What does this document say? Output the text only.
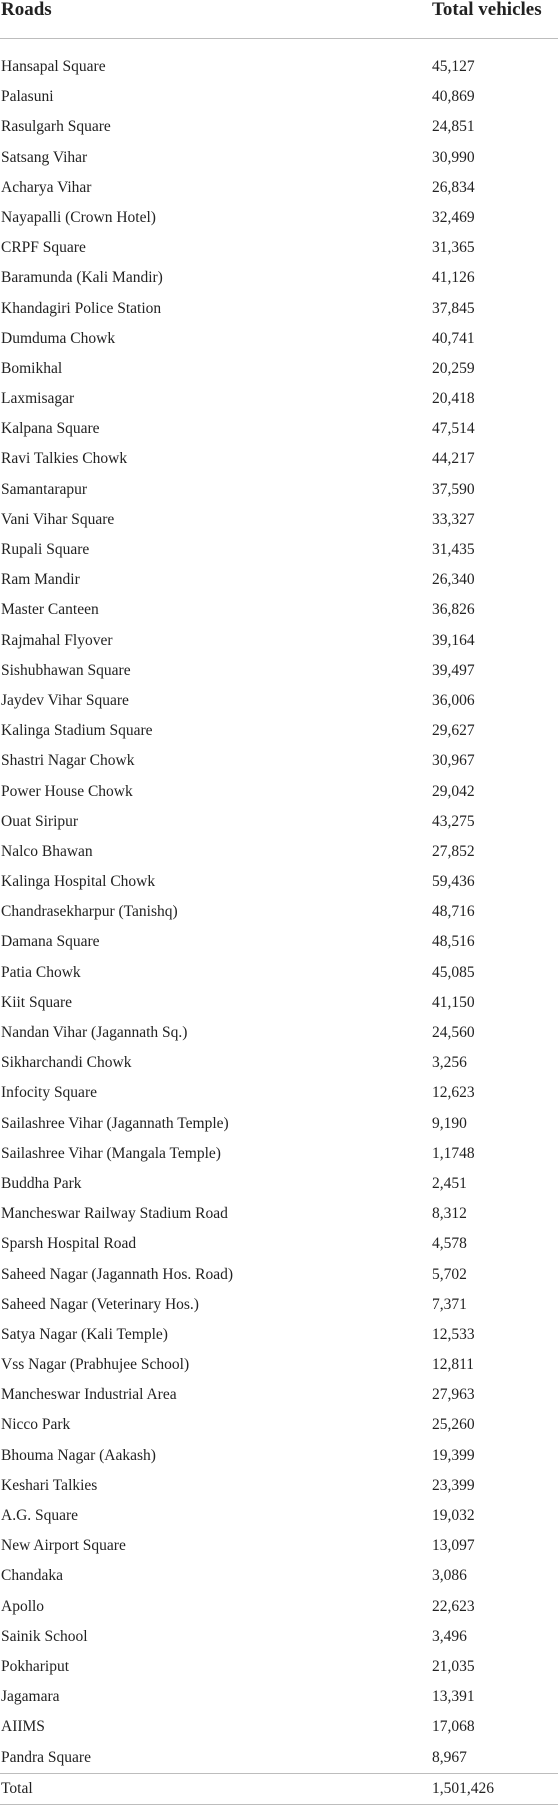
Roads	Total vehicles
Hansapal Square	45,127
Palasuni	40,869
Rasulgarh Square	24,851
Satsang Vihar	30,990
Acharya Vihar	26,834
Nayapalli (Crown Hotel)	32,469
CRPF Square	31,365
Baramunda (Kali Mandir)	41,126
Khandagiri Police Station	37,845
Dumduma Chowk	40,741
Bomikhal	20,259
Laxmisagar	20,418
Kalpana Square	47,514
Ravi Talkies Chowk	44,217
Samantarapur	37,590
Vani Vihar Square	33,327
Rupali Square	31,435
Ram Mandir	26,340
Master Canteen	36,826
Rajmahal Flyover	39,164
Sishubhawan Square	39,497
Jaydev Vihar Square	36,006
Kalinga Stadium Square	29,627
Shastri Nagar Chowk	30,967
Power House Chowk	29,042
Ouat Siripur	43,275
Nalco Bhawan	27,852
Kalinga Hospital Chowk	59,436
Chandrasekharpur (Tanishq)	48,716
Damana Square	48,516
Patia Chowk	45,085
Kiit Square	41,150
Nandan Vihar (Jagannath Sq.)	24,560
Sikharchandi Chowk	3,256
Infocity Square	12,623
Sailashree Vihar (Jagannath Temple)	9,190
Sailashree Vihar (Mangala Temple)	1,1748
Buddha Park	2,451
Mancheswar Railway Stadium Road	8,312
Sparsh Hospital Road	4,578
Saheed Nagar (Jagannath Hos. Road)	5,702
Saheed Nagar (Veterinary Hos.)	7,371
Satya Nagar (Kali Temple)	12,533
Vss Nagar (Prabhujee School)	12,811
Mancheswar Industrial Area	27,963
Nicco Park	25,260
Bhouma Nagar (Aakash)	19,399
Keshari Talkies	23,399
A.G. Square	19,032
New Airport Square	13,097
Chandaka	3,086
Apollo	22,623
Sainik School	3,496
Pokhariput	21,035
Jagamara	13,391
AIIMS	17,068
Pandra Square	8,967
Total	1,501,426
